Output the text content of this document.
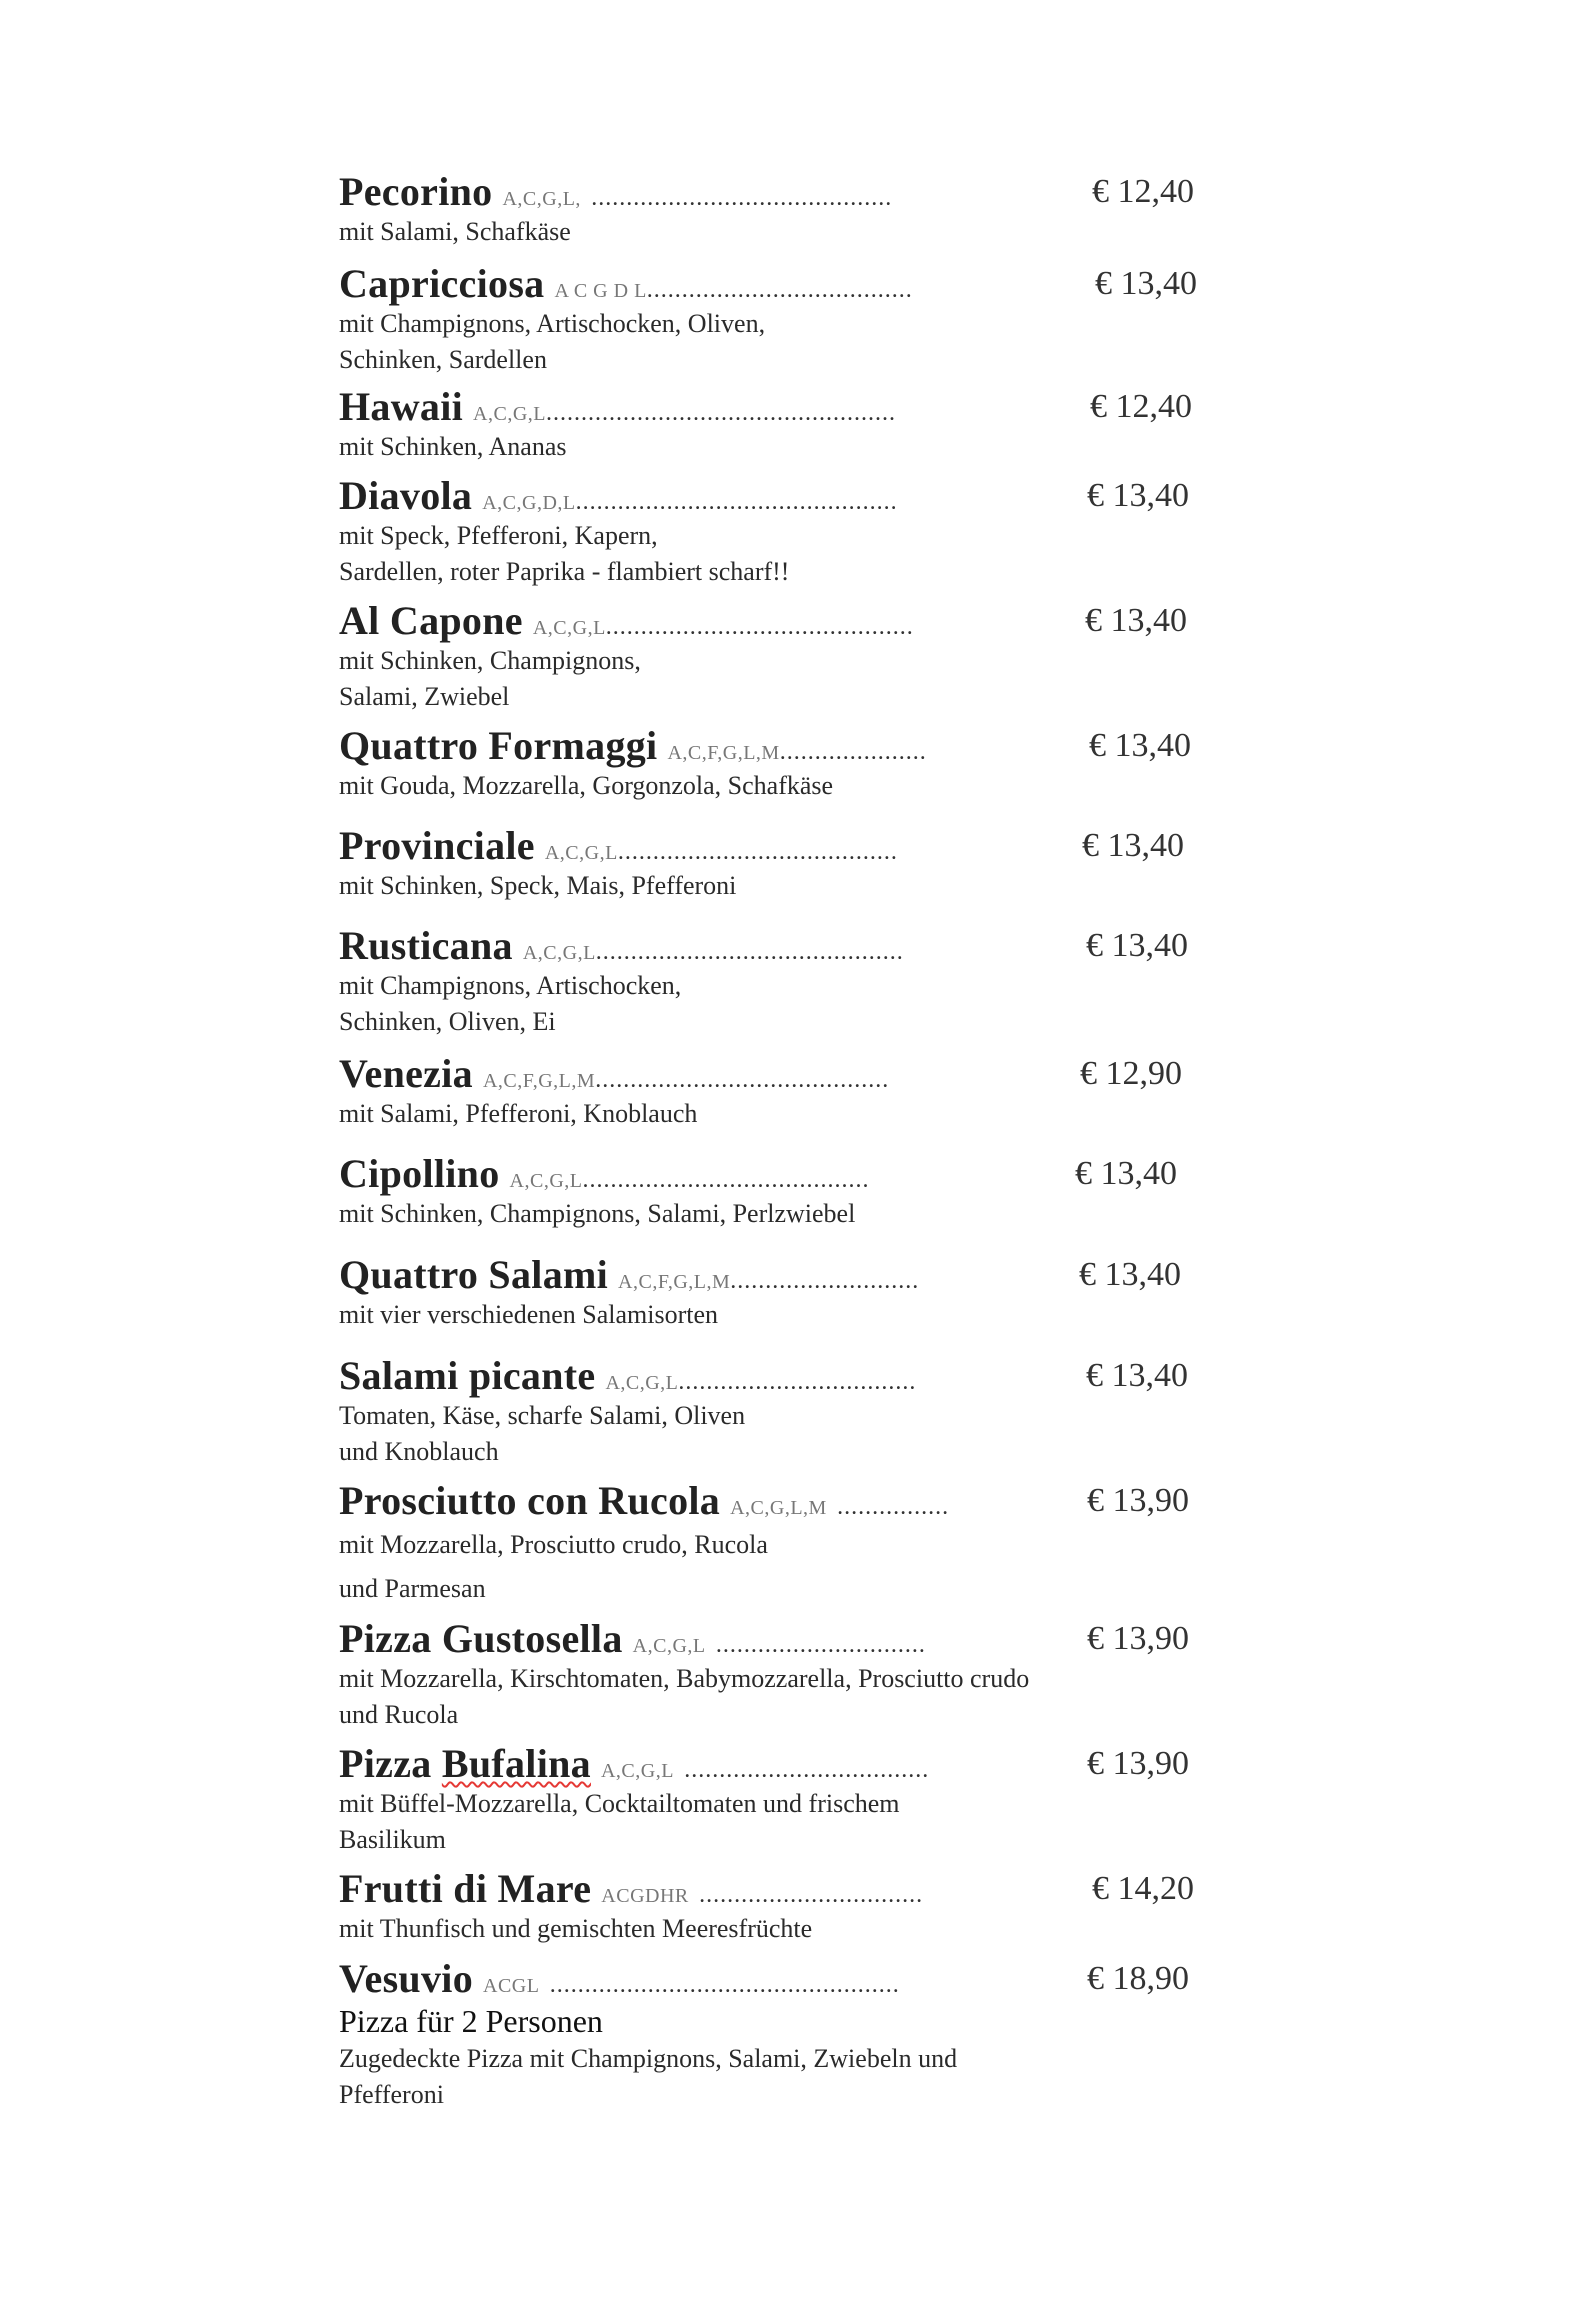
Pecorino A,C,G,L, ...........................................	€ 12,40
mit Salami, Schafkäse
Capricciosa A C G D L......................................	€ 13,40
mit Champignons, Artischocken, Oliven,
Schinken, Sardellen
Hawaii A,C,G,L..................................................	€ 12,40
mit Schinken, Ananas
Diavola A,C,G,D,L..............................................	€ 13,40
mit Speck, Pfefferoni, Kapern,
Sardellen, roter Paprika - flambiert scharf!!
Al Capone A,C,G,L............................................	€ 13,40
mit Schinken, Champignons,
Salami, Zwiebel
Quattro Formaggi A,C,F,G,L,M.....................	€ 13,40
mit Gouda, Mozzarella, Gorgonzola, Schafkäse
Provinciale A,C,G,L........................................	€ 13,40
mit Schinken, Speck, Mais, Pfefferoni
Rusticana A,C,G,L............................................	€ 13,40
mit Champignons, Artischocken,
Schinken, Oliven, Ei
Venezia A,C,F,G,L,M..........................................	€ 12,90
mit Salami, Pfefferoni, Knoblauch
Cipollino A,C,G,L.........................................	€ 13,40
mit Schinken, Champignons, Salami, Perlzwiebel
Quattro Salami A,C,F,G,L,M...........................	€ 13,40
mit vier verschiedenen Salamisorten
Salami picante A,C,G,L..................................	€ 13,40
Tomaten, Käse, scharfe Salami, Oliven
und Knoblauch
Prosciutto con Rucola A,C,G,L,M ................	€ 13,90
mit Mozzarella, Prosciutto crudo, Rucola
und Parmesan
Pizza Gustosella A,C,G,L ..............................	€ 13,90
mit Mozzarella, Kirschtomaten, Babymozzarella, Prosciutto crudo
und Rucola
Pizza Bufalina A,C,G,L ...................................	€ 13,90
mit Büffel-Mozzarella, Cocktailtomaten und frischem
Basilikum
Frutti di Mare ACGDHR ................................	€ 14,20
mit Thunfisch und gemischten Meeresfrüchte
Vesuvio ACGL ..................................................	€ 18,90
Pizza für 2 Personen
Zugedeckte Pizza mit Champignons, Salami, Zwiebeln und
Pfefferoni
